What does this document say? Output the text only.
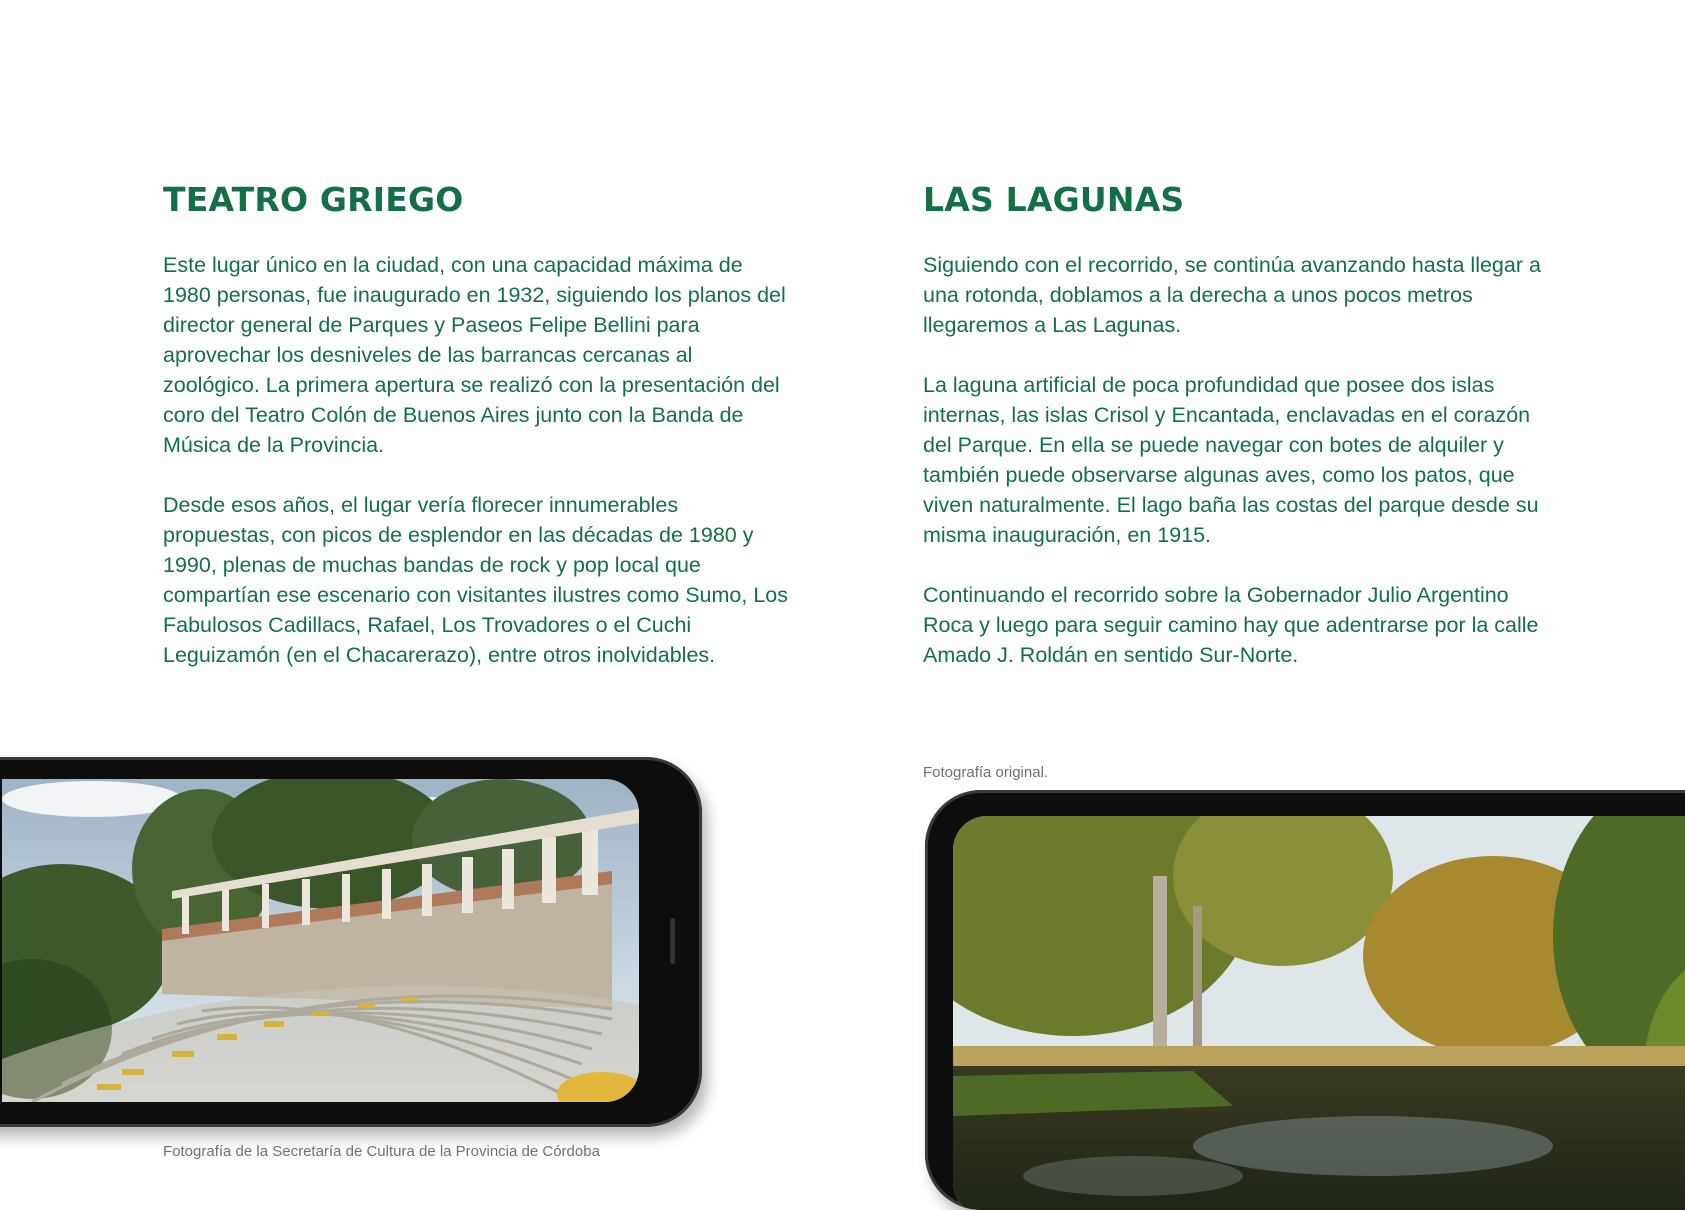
TEATRO GRIEGO

Este lugar único en la ciudad, con una capacidad máxima de 1980 personas, fue inaugurado en 1932, siguiendo los planos del director general de Parques y Paseos Felipe Bellini para aprovechar los desniveles de las barrancas cercanas al zoológico. La primera apertura se realizó con la presentación del coro del Teatro Colón de Buenos Aires junto con la Banda de Música de la Provincia.

Desde esos años, el lugar vería florecer innumerables propuestas, con picos de esplendor en las décadas de 1980 y 1990, plenas de muchas bandas de rock y pop local que compartían ese escenario con visitantes ilustres como Sumo, Los Fabulosos Cadillacs, Rafael, Los Trovadores o el Cuchi Leguizamón (en el Chacarerazo), entre otros inolvidables.

LAS LAGUNAS

Siguiendo con el recorrido, se continúa avanzando hasta llegar a una rotonda, doblamos a la derecha a unos pocos metros llegaremos a Las Lagunas.

La laguna artificial de poca profundidad que posee dos islas internas, las islas Crisol y Encantada, enclavadas en el corazón del Parque. En ella se puede navegar con botes de alquiler y también puede observarse algunas aves, como los patos, que viven naturalmente. El lago baña las costas del parque desde su misma inauguración, en 1915.

Continuando el recorrido sobre la Gobernador Julio Argentino Roca y luego para seguir camino hay que adentrarse por la calle Amado J. Roldán en sentido Sur-Norte.

Fotografía de la Secretaría de Cultura de la Provincia de Córdoba
Fotografía original.
